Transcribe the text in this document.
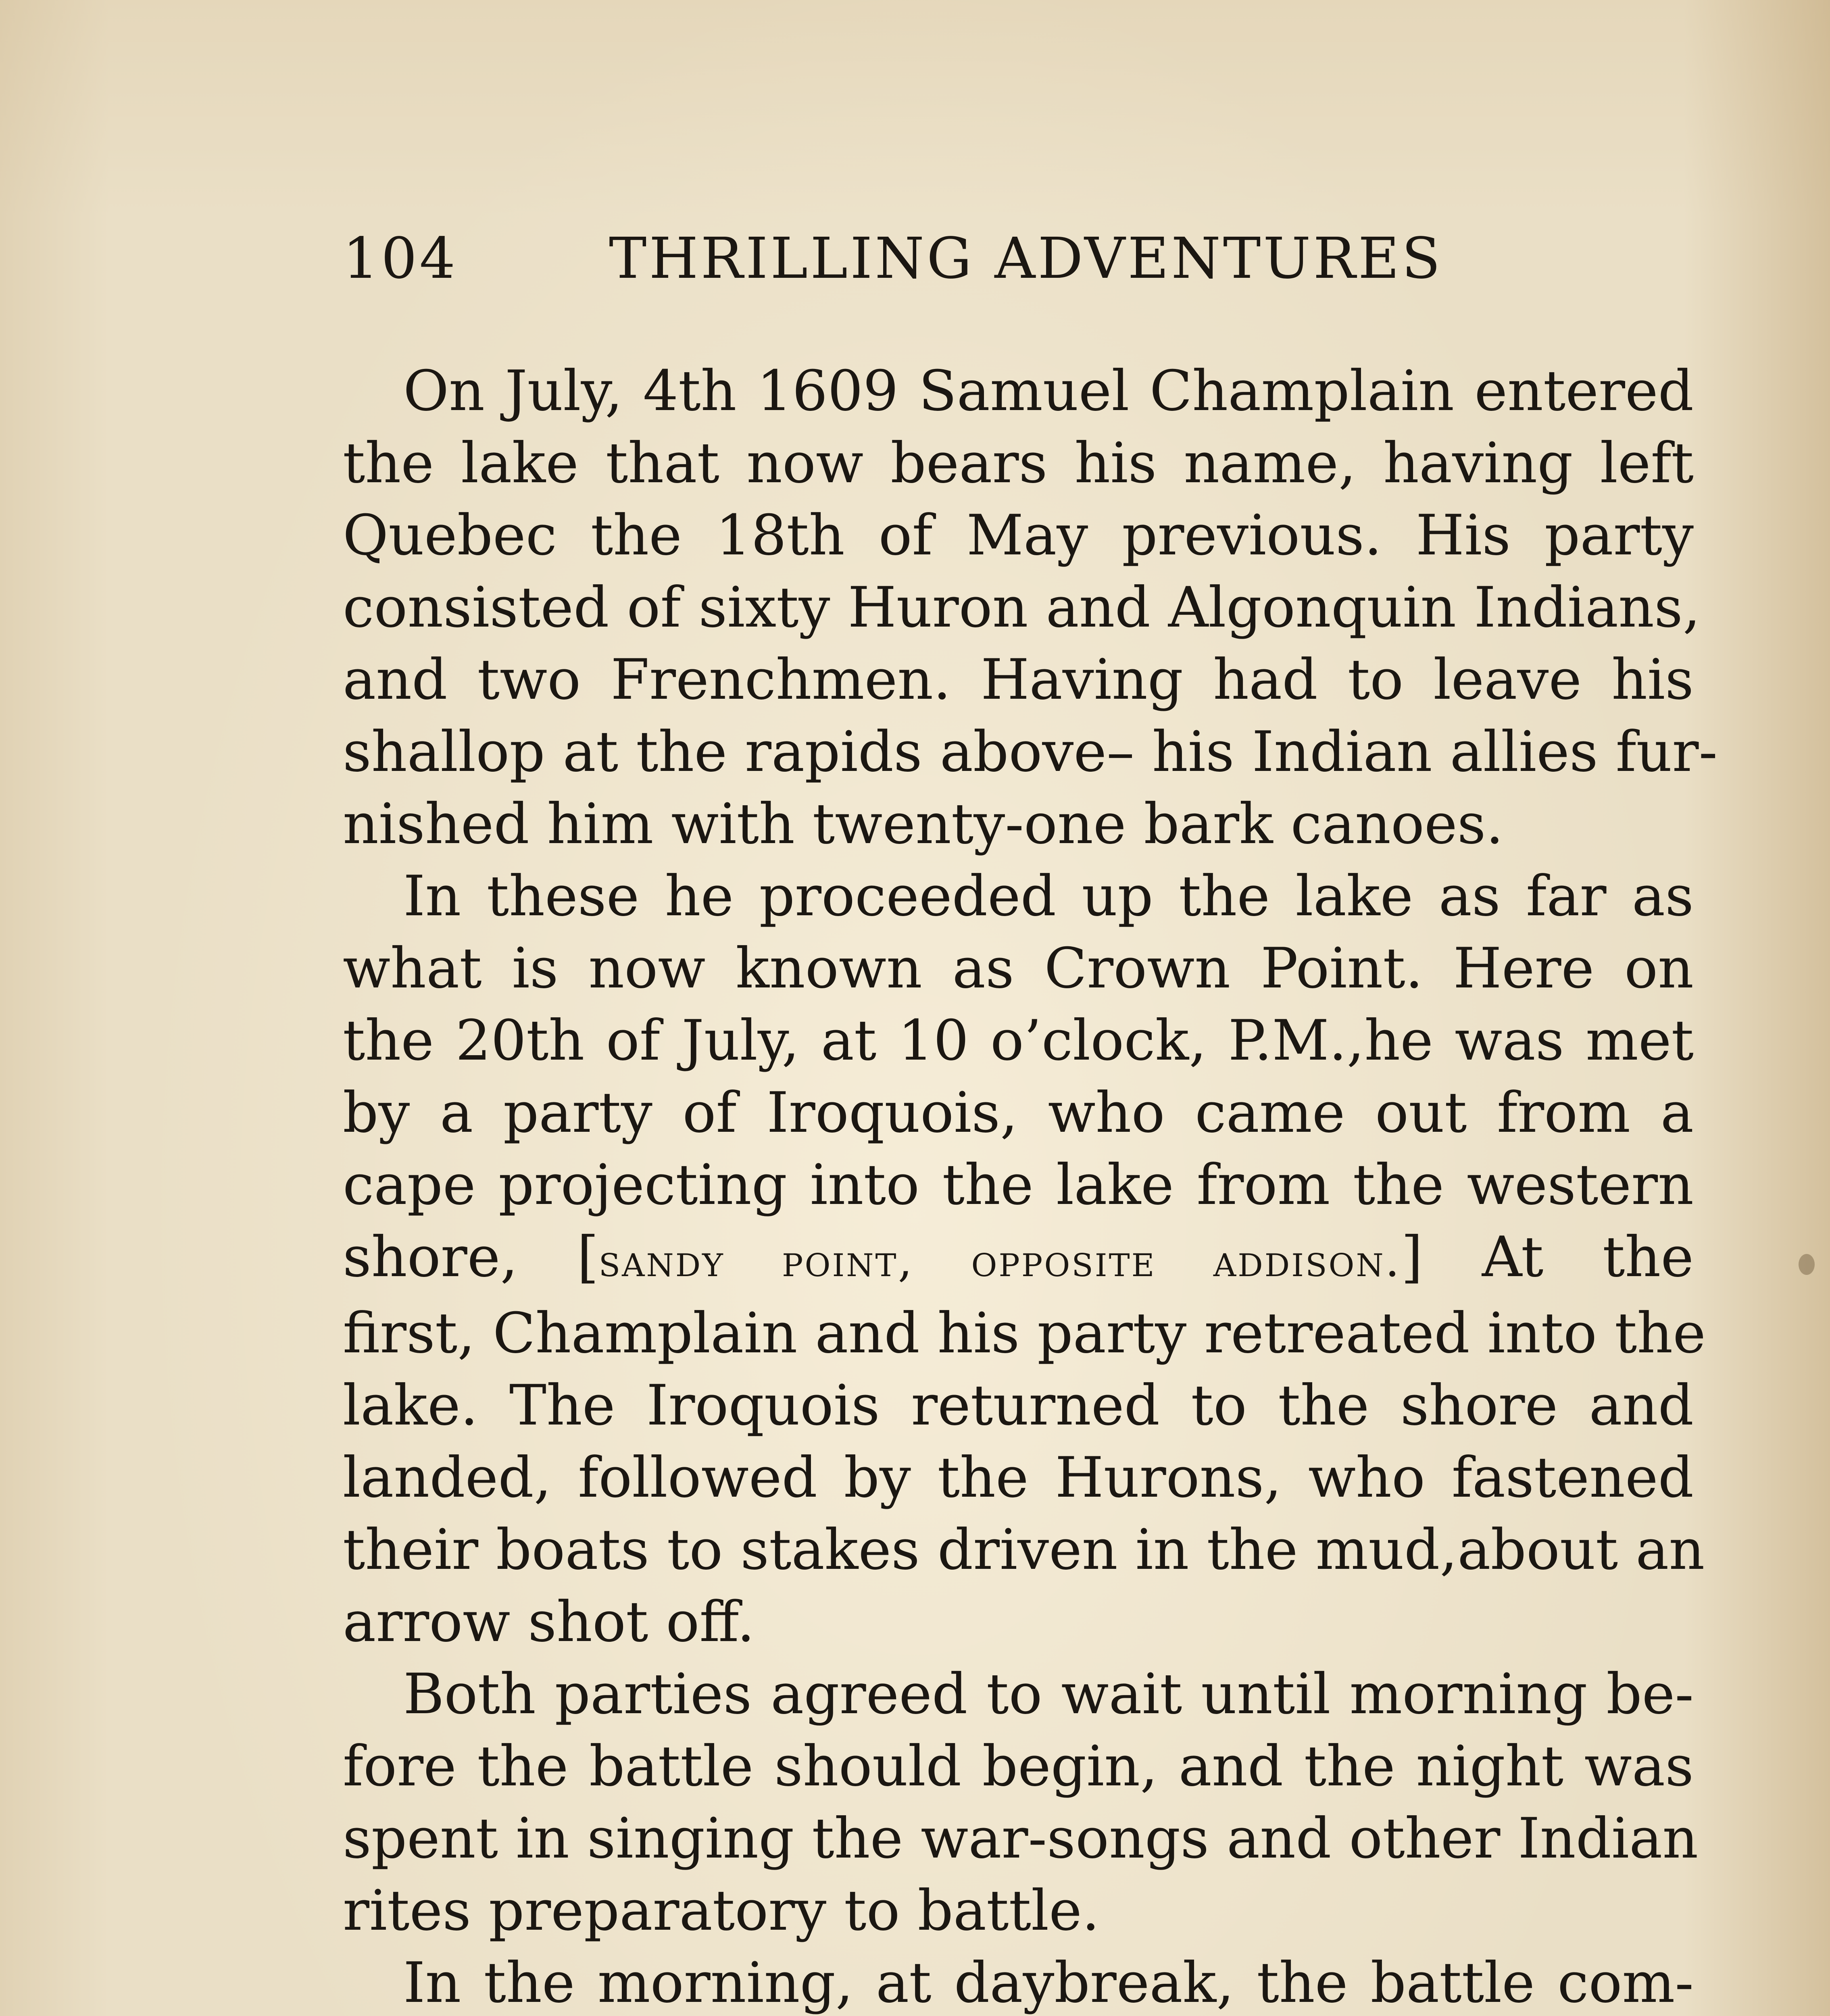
104	THRILLING ADVENTURES

On July, 4th 1609 Samuel Champlain entered
the lake that now bears his name, having left
Quebec the 18th of May previous. His party
consisted of sixty Huron and Algonquin Indians,
and two Frenchmen. Having had to leave his
shallop at the rapids above– his Indian allies fur-
nished him with twenty-one bark canoes.

In these he proceeded up the lake as far as
what is now known as Crown Point. Here on
the 20th of July, at 10 o’clock, P.M.,he was met
by a party of Iroquois, who came out from a
cape projecting into the lake from the western
shore, [sandy point, opposite addison.] At the
first, Champlain and his party retreated into the
lake. The Iroquois returned to the shore and
landed, followed by the Hurons, who fastened
their boats to stakes driven in the mud,about an
arrow shot off.

Both parties agreed to wait until morning be-
fore the battle should begin, and the night was
spent in singing the war-songs and other Indian
rites preparatory to battle.

In the morning, at daybreak, the battle com-
